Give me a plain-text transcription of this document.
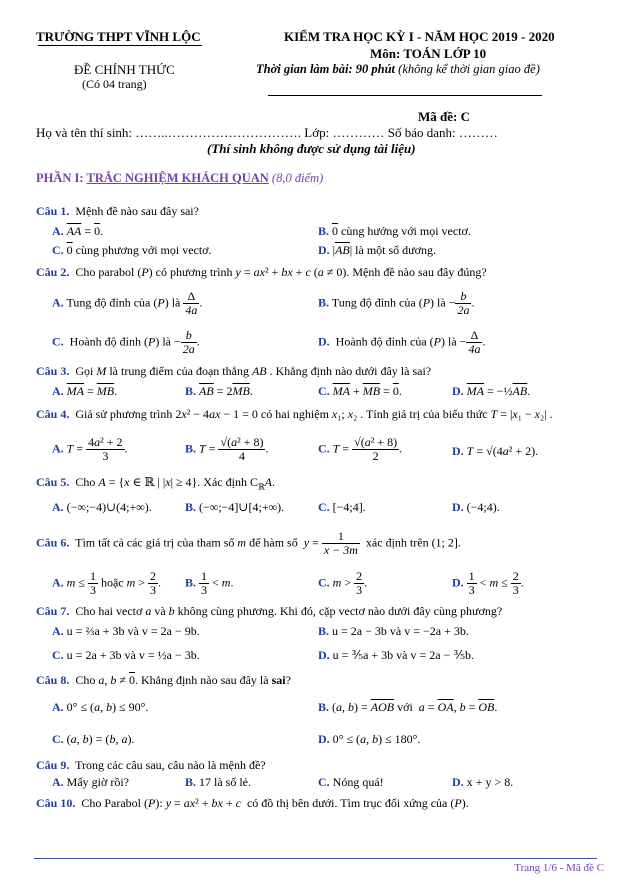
TRƯỜNG THPT VĨNH LỘC	KIỂM TRA HỌC KỲ I - NĂM HỌC 2019 - 2020
Môn: TOÁN LỚP 10
ĐỀ CHÍNH THỨC
(Có 04 trang)
Thời gian làm bài: 90 phút (không kể thời gian giao đề)
Mã đề: C
Họ và tên thí sinh: ……..…………………………. Lớp: ………… Số báo danh: ………
(Thí sinh không được sử dụng tài liệu)
PHẦN I: TRẮC NGHIỆM KHÁCH QUAN (8,0 điểm)
Câu 1. Mệnh đề nào sau đây sai?
A. $\overline{AA} = 0$.	B. 0 cùng hướng với mọi vectơ.
C. 0 cùng phương với mọi vectơ.	D. $|\overline{AB}|$ là một số dương.
Câu 2.  Cho parabol (P) có phương trình y = ax² + bx + c (a ≠ 0). Mệnh đề nào sau đây đúng?
A. Tung độ đỉnh của (P) là $\frac{\Delta}{4a}$ .	B. Tung độ đỉnh của (P) là − $\frac{b}{2a}$ .
C.  Hoành độ đỉnh (P) là − $\frac{b}{2a}$ .	D.  Hoành độ đỉnh của (P) là − $\frac{\Delta}{4a}$ .
Câu 3.  Gọi M là trung điểm của đoạn thẳng AB . Khẳng định nào dưới đây là sai?
A. $\overline{MA} = \overline{MB}$.	B. $\overline{AB} = 2\overline{MB}$.	C. $\overline{MA} + \overline{MB} = 0$.	D. $\overline{MA}$ = $-\frac{1}{2}\overline{AB}$.
Câu 4.  Giả sử phương trình 2x² − 4ax − 1 = 0 có hai nghiệm x₁; x₂ . Tính giá trị của biểu thức T = |x₁ − x₂| .
A. $T = \frac{\text{4a² + 2}}{3}$ .	B. $T = \frac{\text{√(a² + 8)}}{4}$ .	C. $T = \frac{\text{√(a² + 8)}}{2}$ .	D. T = √(4a² + 2).
Câu 5.  Cho A = {x ∈ ℝ | |x| ≥ 4}. Xác định $C_ℝA$.
A. (−∞;−4)∪(4;+∞).	B. (−∞;−4]∪[4;+∞).	C. [−4;4].	D. (−4;4).
Câu 6.  Tìm tất cả các giá trị của tham số m để hàm số  $y = \frac{1}{x - 3m}$ xác định trên (1; 2].
A. $m \le \frac{1}{3}$ hoặc $m > \frac{2}{3}$ . B. $\frac{1}{3} < m$.	C. $m > \frac{2}{3}$ .	D. $\frac{1}{3} < m \le \frac{2}{3}$ .
Câu 7.  Cho hai vectơ a và b không cùng phương. Khi đó, cặp vectơ nào dưới đây cùng phương?
A. u = ⅔a + 3b và v = 2a − 9b.	B. u = 2a − 3b và v = −2a + 3b.
C. u = 2a + 3b và v = ½a − 3b.	D. u = ⅗a + 3b và v = 2a − ⅗b.
Câu 8.  Cho a, b ≠ 0. Khẳng định nào sau đây là sai?
A. 0° ≤ (a, b) ≤ 90°.	B. (a, $b) = \overline{AOB}$ với  $a = \overline{OA}$, $b = \overline{OB}$.
C. (a, b) = (b, a).	D. 0° ≤ (a, b) ≤ 180°.
Câu 9. Trong các câu sau, câu nào là mệnh đề?
A. Mấy giờ rồi?	B. 17 là số lẻ.	C. Nóng quá!	D. x + y > 8.
Câu 10.  Cho Parabol (P): y = ax² + bx + c  có đồ thị bên dưới. Tìm trục đối xứng của (P).
Trang 1/6 - Mã đề C
